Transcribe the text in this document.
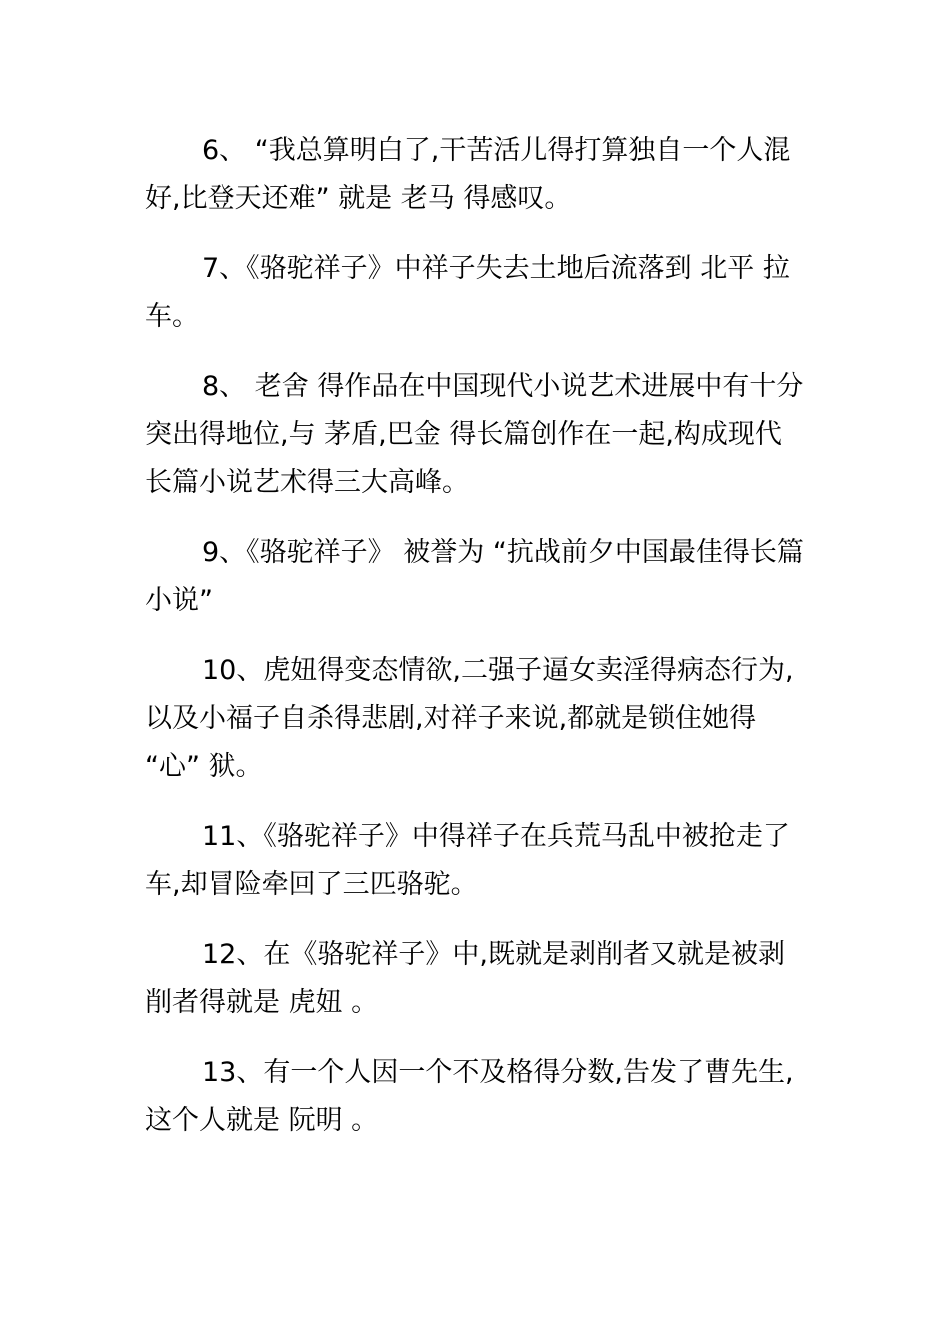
6、 “我总算明白了,干苦活儿得打算独自一个人混好,比登天还难” 就是 老马 得感叹。

7、《骆驼祥子》中祥子失去土地后流落到 北平 拉车。

8、 老舍 得作品在中国现代小说艺术进展中有十分突出得地位,与 茅盾,巴金 得长篇创作在一起,构成现代长篇小说艺术得三大高峰。

9、《骆驼祥子》 被誉为 “抗战前夕中国最佳得长篇小说”

10、虎妞得变态情欲,二强子逼女卖淫得病态行为,以及小福子自杀得悲剧,对祥子来说,都就是锁住她得 “心” 狱。

11、《骆驼祥子》中得祥子在兵荒马乱中被抢走了车,却冒险牵回了三匹骆驼。

12、在《骆驼祥子》中,既就是剥削者又就是被剥削者得就是 虎妞 。

13、有一个人因一个不及格得分数,告发了曹先生,这个人就是 阮明 。
